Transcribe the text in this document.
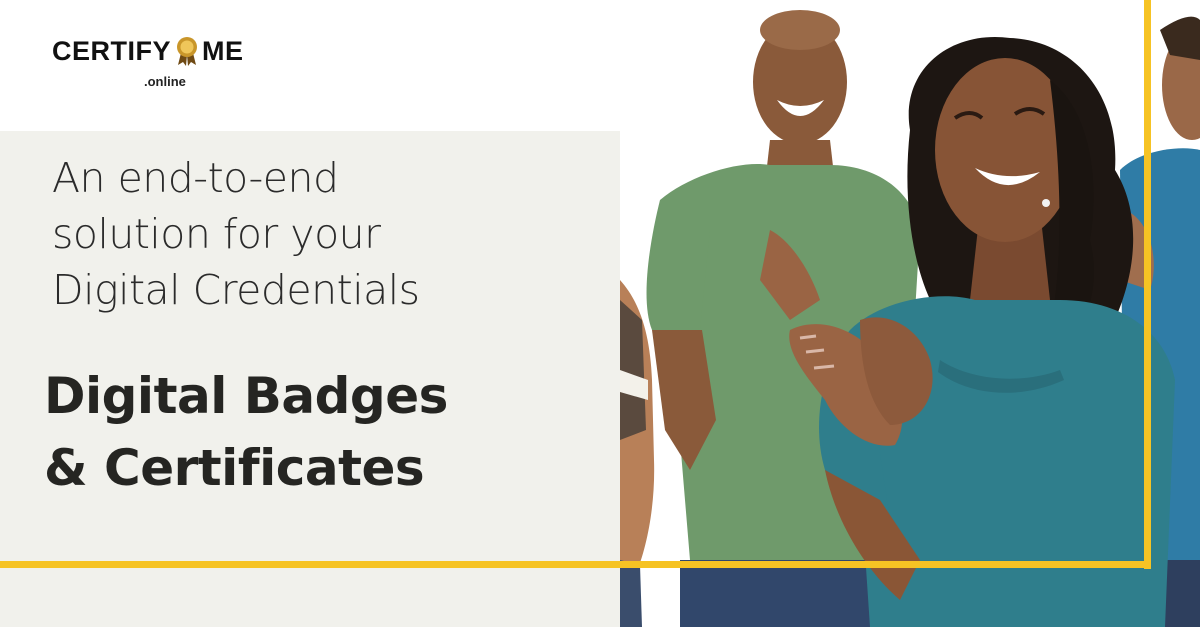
CERTIFY ME
.online

An end-to-end
solution for your
Digital Credentials

Digital Badges
& Certificates
